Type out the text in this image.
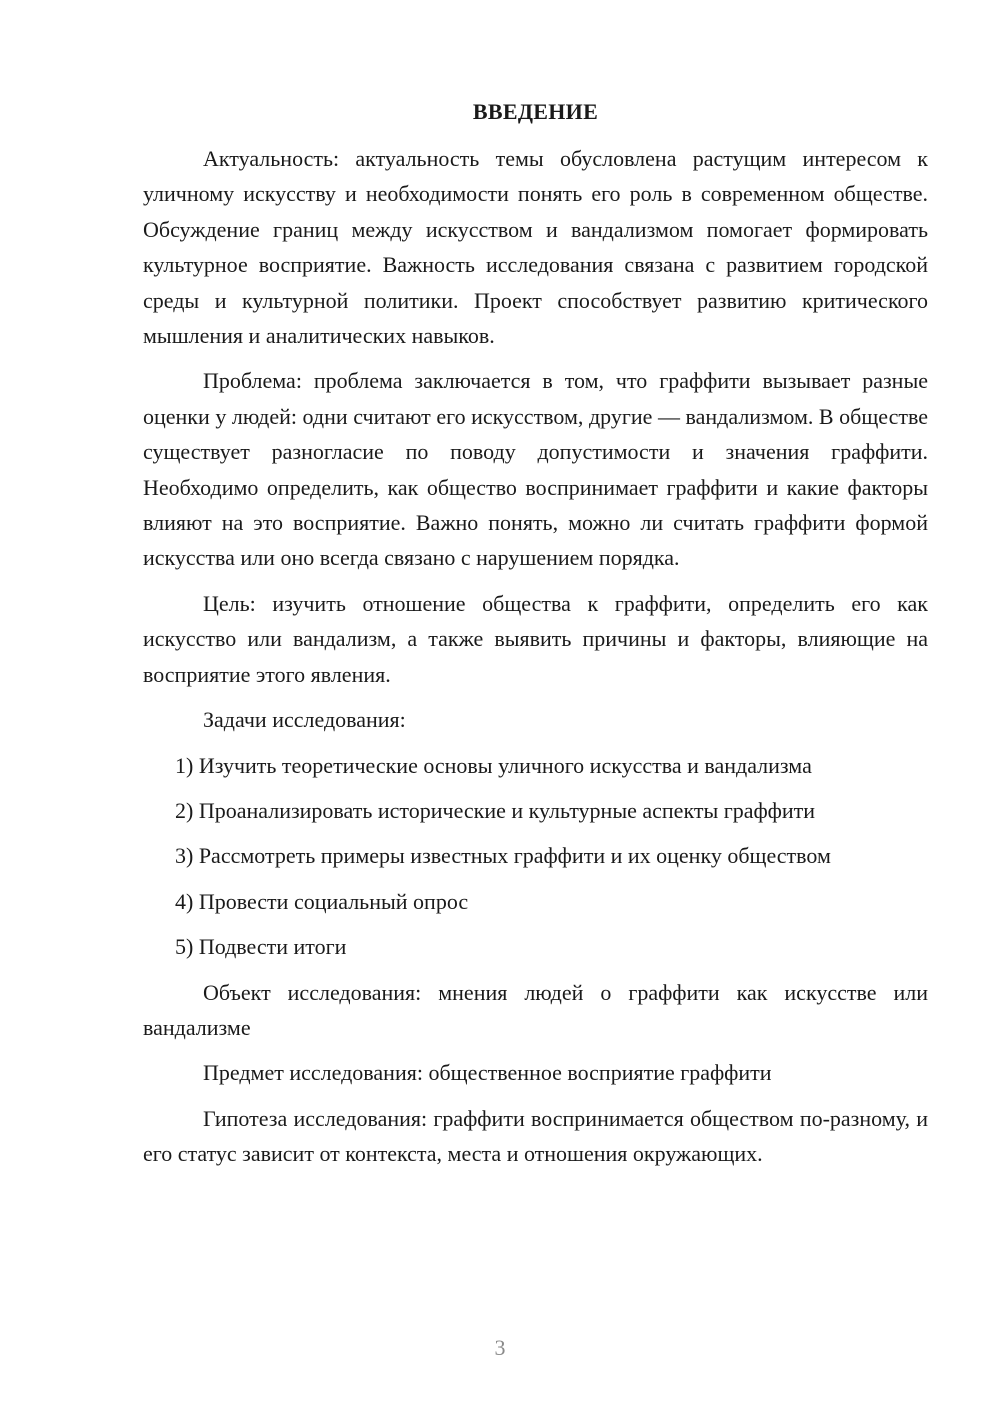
ВВЕДЕНИЕ

Актуальность: актуальность темы обусловлена растущим интересом к уличному искусству и необходимости понять его роль в современном обществе. Обсуждение границ между искусством и вандализмом помогает формировать культурное восприятие. Важность исследования связана с развитием городской среды и культурной политики. Проект способствует развитию критического мышления и аналитических навыков.

Проблема: проблема заключается в том, что граффити вызывает разные оценки у людей: одни считают его искусством, другие — вандализмом. В обществе существует разногласие по поводу допустимости и значения граффити. Необходимо определить, как общество воспринимает граффити и какие факторы влияют на это восприятие. Важно понять, можно ли считать граффити формой искусства или оно всегда связано с нарушением порядка.

Цель: изучить отношение общества к граффити, определить его как искусство или вандализм, а также выявить причины и факторы, влияющие на восприятие этого явления.

Задачи исследования:

1) Изучить теоретические основы уличного искусства и вандализма
2) Проанализировать исторические и культурные аспекты граффити
3) Рассмотреть примеры известных граффити и их оценку обществом
4) Провести социальный опрос
5) Подвести итоги

Объект исследования: мнения людей о граффити как искусстве или вандализме

Предмет исследования: общественное восприятие граффити

Гипотеза исследования: граффити воспринимается обществом по-разному, и его статус зависит от контекста, места и отношения окружающих.

3
